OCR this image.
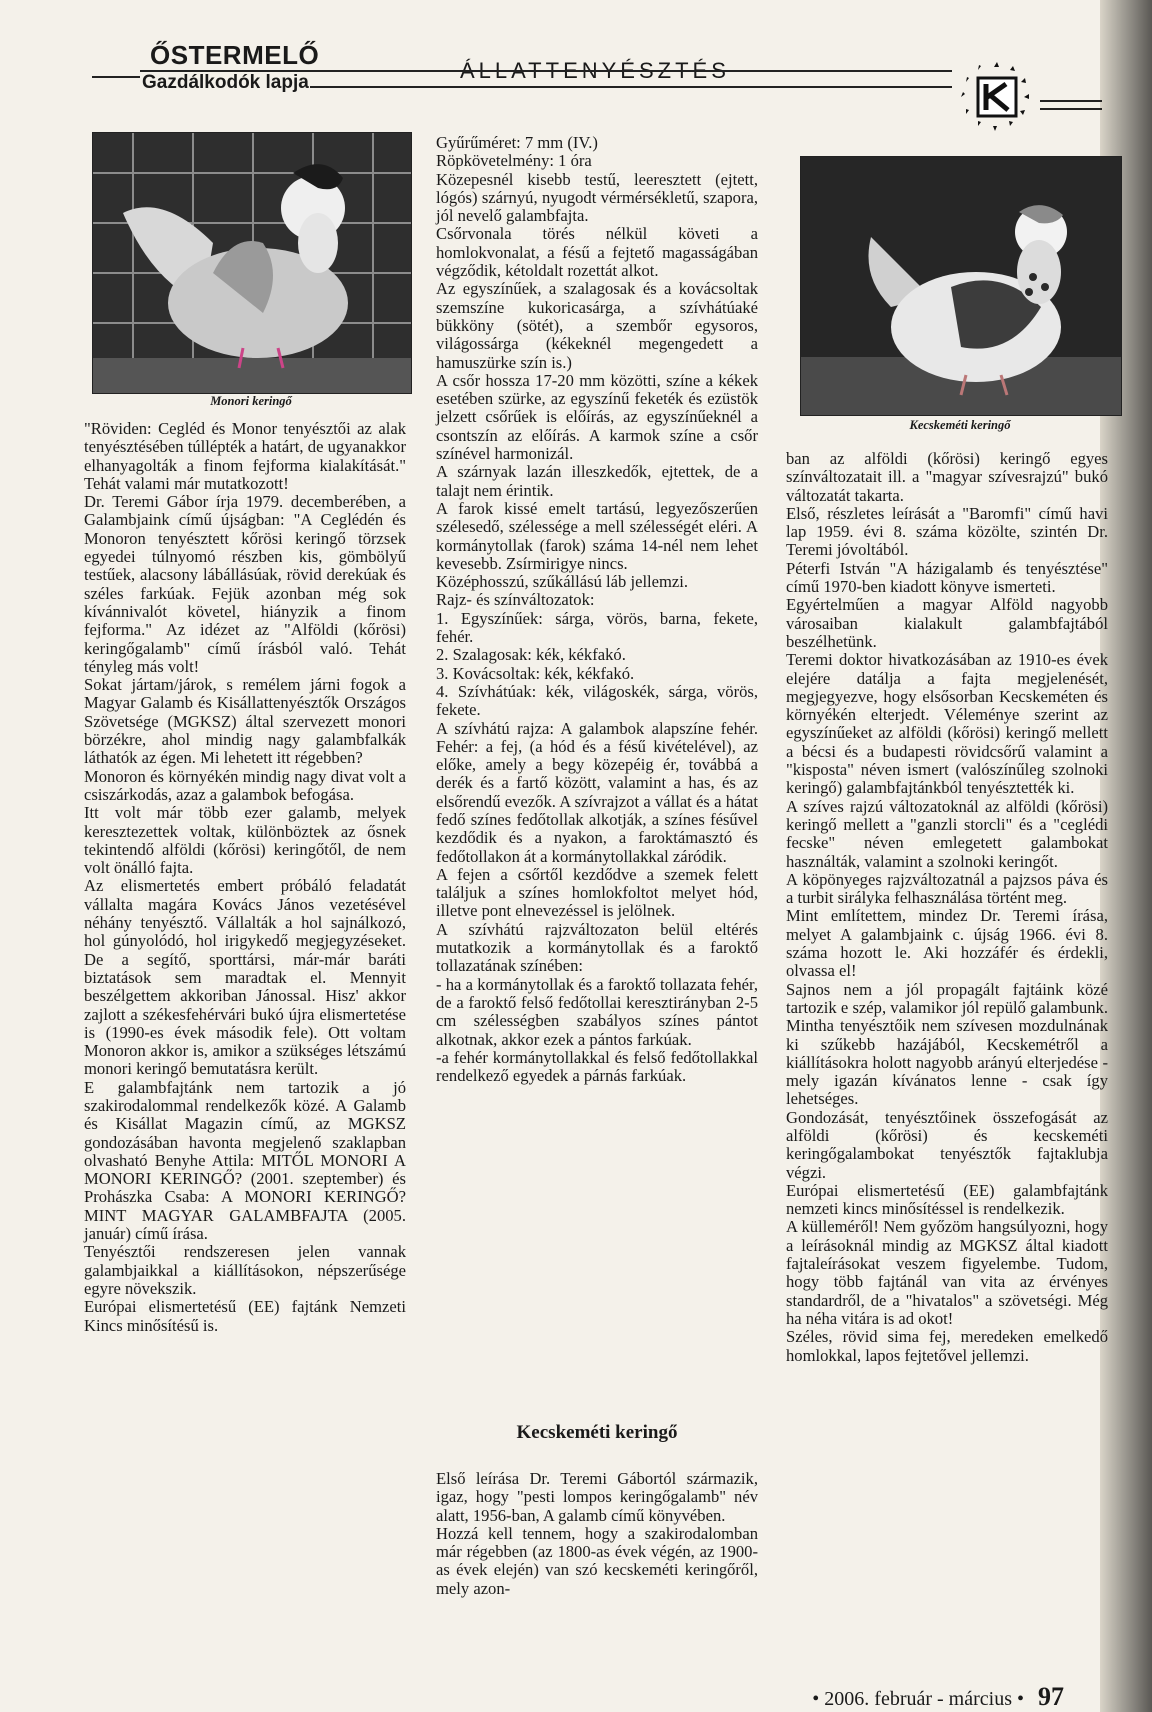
ŐSTERMELŐ
Gazdálkodók lapja	ÁLLATTENYÉSZTÉS
Monori keringő
Kecskeméti keringő

"Röviden: Cegléd és Monor tenyésztői az alak tenyésztésében túllépték a határt, de ugyanakkor elhanyagolták a finom fejforma kialakítását." Tehát valami már mutatkozott!

Dr. Teremi Gábor írja 1979. decemberében, a Galambjaink című újságban: "A Ceglédén és Monoron tenyésztett kőrösi keringő törzsek egyedei túlnyomó részben kis, gömbölyű testűek, alacsony lábállásúak, rövid derekúak és széles farkúak. Fejük azonban még sok kívánnivalót követel, hiányzik a finom fejforma." Az idézet az "Alföldi (kőrösi) keringőgalamb" című írásból való. Tehát tényleg más volt!

Sokat jártam/járok, s remélem járni fogok a Magyar Galamb és Kisállattenyésztők Országos Szövetsége (MGKSZ) által szervezett monori börzékre, ahol mindig nagy galambfalkák láthatók az égen. Mi lehetett itt régebben?

Monoron és környékén mindig nagy divat volt a csiszárkodás, azaz a galambok befogása.

Itt volt már több ezer galamb, melyek keresztezettek voltak, különböztek az ősnek tekintendő alföldi (kőrösi) keringőtől, de nem volt önálló fajta.

Az elismertetés embert próbáló feladatát vállalta magára Kovács János vezetésével néhány tenyésztő. Vállalták a hol sajnálkozó, hol gúnyolódó, hol irigykedő megjegyzéseket. De a segítő, sporttársi, már-már baráti biztatások sem maradtak el. Mennyit beszélgettem akkoriban Jánossal. Hisz' akkor zajlott a székesfehérvári bukó újra elismertetése is (1990-es évek második fele). Ott voltam Monoron akkor is, amikor a szükséges létszámú monori keringő bemutatásra került.

E galambfajtánk nem tartozik a jó szakirodalommal rendelkezők közé. A Galamb és Kisállat Magazin című, az MGKSZ gondozásában havonta megjelenő szaklapban olvasható Benyhe Attila: MITŐL MONORI A MONORI KERINGŐ? (2001. szeptember) és Prohászka Csaba: A MONORI KERINGŐ? MINT MAGYAR GALAMBFAJTA (2005. január) című írása.

Tenyésztői rendszeresen jelen vannak galambjaikkal a kiállításokon, népszerűsége egyre növekszik.

Európai elismertetésű (EE) fajtánk Nemzeti Kincs minősítésű is.

Gyűrűméret: 7 mm (IV.)

Röpkövetelmény: 1 óra

Közepesnél kisebb testű, leeresztett (ejtett, lógós) szárnyú, nyugodt vérmérsékletű, szapora, jól nevelő galambfajta.

Csőrvonala törés nélkül követi a homlokvonalat, a fésű a fejtető magasságában végződik, kétoldalt rozettát alkot.

Az egyszínűek, a szalagosak és a kovácsoltak szemszíne kukoricasárga, a szívhátúaké bükköny (sötét), a szembőr egysoros, világossárga (kékeknél megengedett a hamuszürke szín is.)

A csőr hossza 17-20 mm közötti, színe a kékek esetében szürke, az egyszínű feketék és ezüstök jelzett csőrűek is előírás, az egyszínűeknél a csontszín az előírás. A karmok színe a csőr színével harmonizál.

A szárnyak lazán illeszkedők, ejtettek, de a talajt nem érintik.

A farok kissé emelt tartású, legyezőszerűen szélesedő, szélessége a mell szélességét eléri. A kormánytollak (farok) száma 14-nél nem lehet kevesebb. Zsírmirigye nincs.

Középhosszú, szűkállású láb jellemzi.

Rajz- és színváltozatok:

1. Egyszínűek: sárga, vörös, barna, fekete, fehér.

2. Szalagosak: kék, kékfakó.

3. Kovácsoltak: kék, kékfakó.

4. Szívhátúak: kék, világoskék, sárga, vörös, fekete.

A szívhátú rajza: A galambok alapszíne fehér. Fehér: a fej, (a hód és a fésű kivételével), az előke, amely a begy közepéig ér, továbbá a derék és a fartő között, valamint a has, és az elsőrendű evezők. A szívrajzot a vállat és a hátat fedő színes fedőtollak alkotják, a színes fésűvel kezdődik és a nyakon, a faroktámasztó és fedőtollakon át a kormánytollakkal záródik.

A fejen a csőrtől kezdődve a szemek felett találjuk a színes homlokfoltot melyet hód, illetve pont elnevezéssel is jelölnek.

A szívhátú rajzváltozaton belül eltérés mutatkozik a kormánytollak és a faroktő tollazatának színében:

- ha a kormánytollak és a faroktő tollazata fehér, de a faroktő felső fedőtollai keresztirányban 2-5 cm szélességben szabályos színes pántot alkotnak, akkor ezek a pántos farkúak.

-a fehér kormánytollakkal és felső fedőtollakkal rendelkező egyedek a párnás farkúak.

Kecskeméti keringő

Első leírása Dr. Teremi Gábortól származik, igaz, hogy "pesti lompos keringőgalamb" név alatt, 1956-ban, A galamb című könyvében.

Hozzá kell tennem, hogy a szakirodalomban már régebben (az 1800-as évek végén, az 1900-as évek elején) van szó kecskeméti keringőről, mely azon-

ban az alföldi (kőrösi) keringő egyes színváltozatait ill. a "magyar szívesrajzú" bukó változatát takarta.

Első, részletes leírását a "Baromfi" című havi lap 1959. évi 8. száma közölte, szintén Dr. Teremi jóvoltából.

Péterfi István "A házigalamb és tenyésztése" című 1970-ben kiadott könyve ismerteti.

Egyértelműen a magyar Alföld nagyobb városaiban kialakult galambfajtából beszélhetünk.

Teremi doktor hivatkozásában az 1910-es évek elejére datálja a fajta megjelenését, megjegyezve, hogy elsősorban Kecskeméten és környékén elterjedt. Véleménye szerint az egyszínűeket az alföldi (kőrösi) keringő mellett a bécsi és a budapesti rövidcsőrű valamint a "kisposta" néven ismert (valószínűleg szolnoki keringő) galambfajtánkból tenyésztették ki.

A szíves rajzú változatoknál az alföldi (kőrösi) keringő mellett a "ganzli storcli" és a "ceglédi fecske" néven emlegetett galambokat használták, valamint a szolnoki keringőt.

A köpönyeges rajzváltozatnál a pajzsos páva és a turbit sirályka felhasználása történt meg.

Mint említettem, mindez Dr. Teremi írása, melyet A galambjaink c. újság 1966. évi 8. száma hozott le. Aki hozzáfér és érdekli, olvassa el!

Sajnos nem a jól propagált fajtáink közé tartozik e szép, valamikor jól repülő galambunk. Mintha tenyésztőik nem szívesen mozdulnának ki szűkebb hazájából, Kecskemétről a kiállításokra holott nagyobb arányú elterjedése - mely igazán kívánatos lenne - csak így lehetséges.

Gondozását, tenyésztőinek összefogását az alföldi (kőrösi) és kecskeméti keringőgalambokat tenyésztők fajtaklubja végzi.

Európai elismertetésű (EE) galambfajtánk nemzeti kincs minősítéssel is rendelkezik.

A külleméről! Nem győzöm hangsúlyozni, hogy a leírásoknál mindig az MGKSZ által kiadott fajtaleírásokat veszem figyelembe. Tudom, hogy több fajtánál van vita az érvényes standardről, de a "hivatalos" a szövetségi. Még ha néha vitára is ad okot!

Széles, rövid sima fej, meredeken emelkedő homlokkal, lapos fejtetővel jellemzi.

• 2006. február - március • 97
